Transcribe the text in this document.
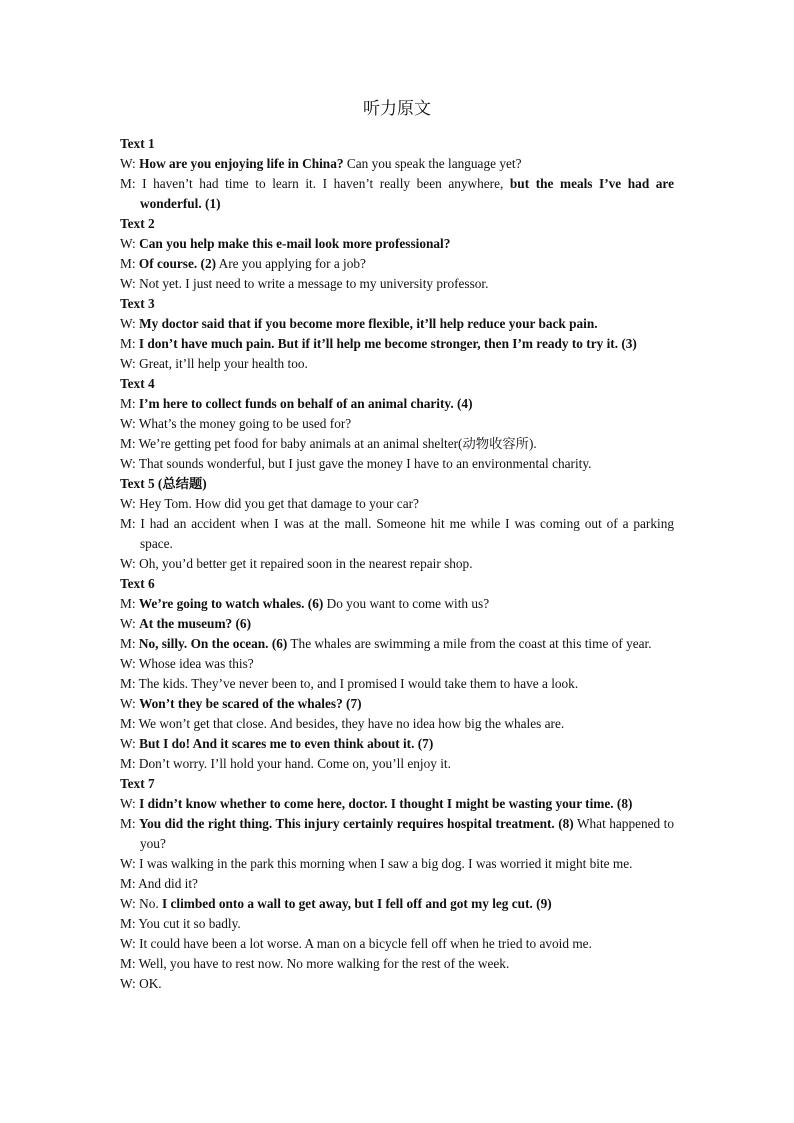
听力原文
Text 1
W: How are you enjoying life in China? Can you speak the language yet?
M: I haven’t had time to learn it. I haven’t really been anywhere, but the meals I’ve had are wonderful. (1)
Text 2
W: Can you help make this e-mail look more professional?
M: Of course. (2) Are you applying for a job?
W: Not yet. I just need to write a message to my university professor.
Text 3
W: My doctor said that if you become more flexible, it’ll help reduce your back pain.
M: I don’t have much pain. But if it’ll help me become stronger, then I’m ready to try it. (3)
W: Great, it’ll help your health too.
Text 4
M: I’m here to collect funds on behalf of an animal charity. (4)
W: What’s the money going to be used for?
M: We’re getting pet food for baby animals at an animal shelter(动物收容所).
W: That sounds wonderful, but I just gave the money I have to an environmental charity.
Text 5 (总结题)
W: Hey Tom. How did you get that damage to your car?
M: I had an accident when I was at the mall. Someone hit me while I was coming out of a parking space.
W: Oh, you’d better get it repaired soon in the nearest repair shop.
Text 6
M: We’re going to watch whales. (6) Do you want to come with us?
W: At the museum? (6)
M: No, silly. On the ocean. (6) The whales are swimming a mile from the coast at this time of year.
W: Whose idea was this?
M: The kids. They’ve never been to, and I promised I would take them to have a look.
W: Won’t they be scared of the whales? (7)
M: We won’t get that close. And besides, they have no idea how big the whales are.
W: But I do! And it scares me to even think about it. (7)
M: Don’t worry. I’ll hold your hand. Come on, you’ll enjoy it.
Text 7
W: I didn’t know whether to come here, doctor. I thought I might be wasting your time. (8)
M: You did the right thing. This injury certainly requires hospital treatment. (8) What happened to you?
W: I was walking in the park this morning when I saw a big dog. I was worried it might bite me.
M: And did it?
W: No. I climbed onto a wall to get away, but I fell off and got my leg cut. (9)
M: You cut it so badly.
W: It could have been a lot worse. A man on a bicycle fell off when he tried to avoid me.
M: Well, you have to rest now. No more walking for the rest of the week.
W: OK.
